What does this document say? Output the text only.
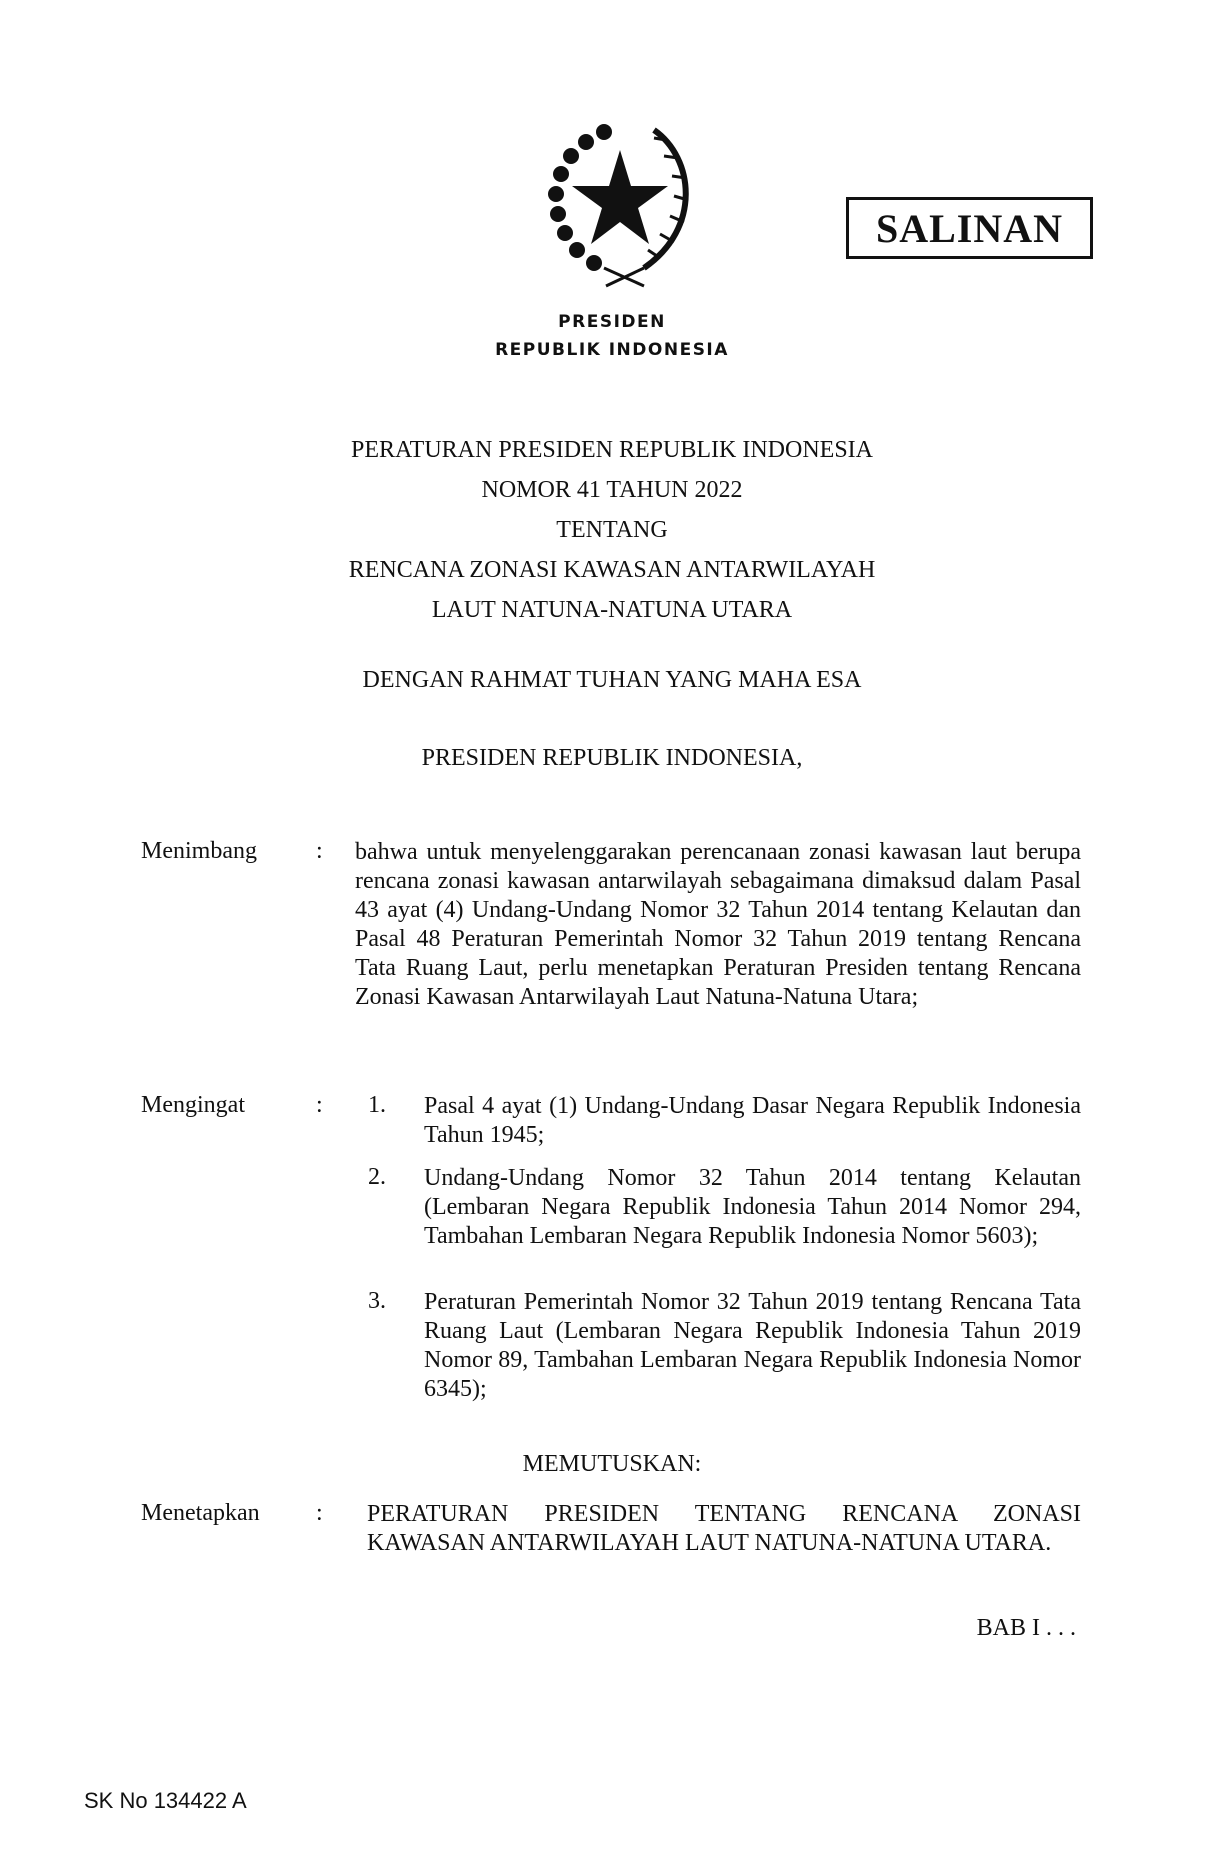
SALINAN
PRESIDEN
REPUBLIK INDONESIA
PERATURAN PRESIDEN REPUBLIK INDONESIA
NOMOR 41 TAHUN 2022
TENTANG
RENCANA ZONASI KAWASAN ANTARWILAYAH
LAUT NATUNA-NATUNA UTARA
DENGAN RAHMAT TUHAN YANG MAHA ESA
PRESIDEN REPUBLIK INDONESIA,
Menimbang : bahwa untuk menyelenggarakan perencanaan zonasi kawasan laut berupa rencana zonasi kawasan antarwilayah sebagaimana dimaksud dalam Pasal 43 ayat (4) Undang-Undang Nomor 32 Tahun 2014 tentang Kelautan dan Pasal 48 Peraturan Pemerintah Nomor 32 Tahun 2019 tentang Rencana Tata Ruang Laut, perlu menetapkan Peraturan Presiden tentang Rencana Zonasi Kawasan Antarwilayah Laut Natuna-Natuna Utara;
Mengingat	: 1. Pasal 4 ayat (1) Undang-Undang Dasar Negara Republik Indonesia Tahun 1945;
2. Undang-Undang Nomor 32 Tahun 2014 tentang Kelautan (Lembaran Negara Republik Indonesia Tahun 2014 Nomor 294, Tambahan Lembaran Negara Republik Indonesia Nomor 5603);
3. Peraturan Pemerintah Nomor 32 Tahun 2019 tentang Rencana Tata Ruang Laut (Lembaran Negara Republik Indonesia Tahun 2019 Nomor 89, Tambahan Lembaran Negara Republik Indonesia Nomor 6345);
MEMUTUSKAN:
Menetapkan : PERATURAN PRESIDEN TENTANG RENCANA ZONASI KAWASAN ANTARWILAYAH LAUT NATUNA-NATUNA UTARA.
BAB I . . .
SK No 134422 A
